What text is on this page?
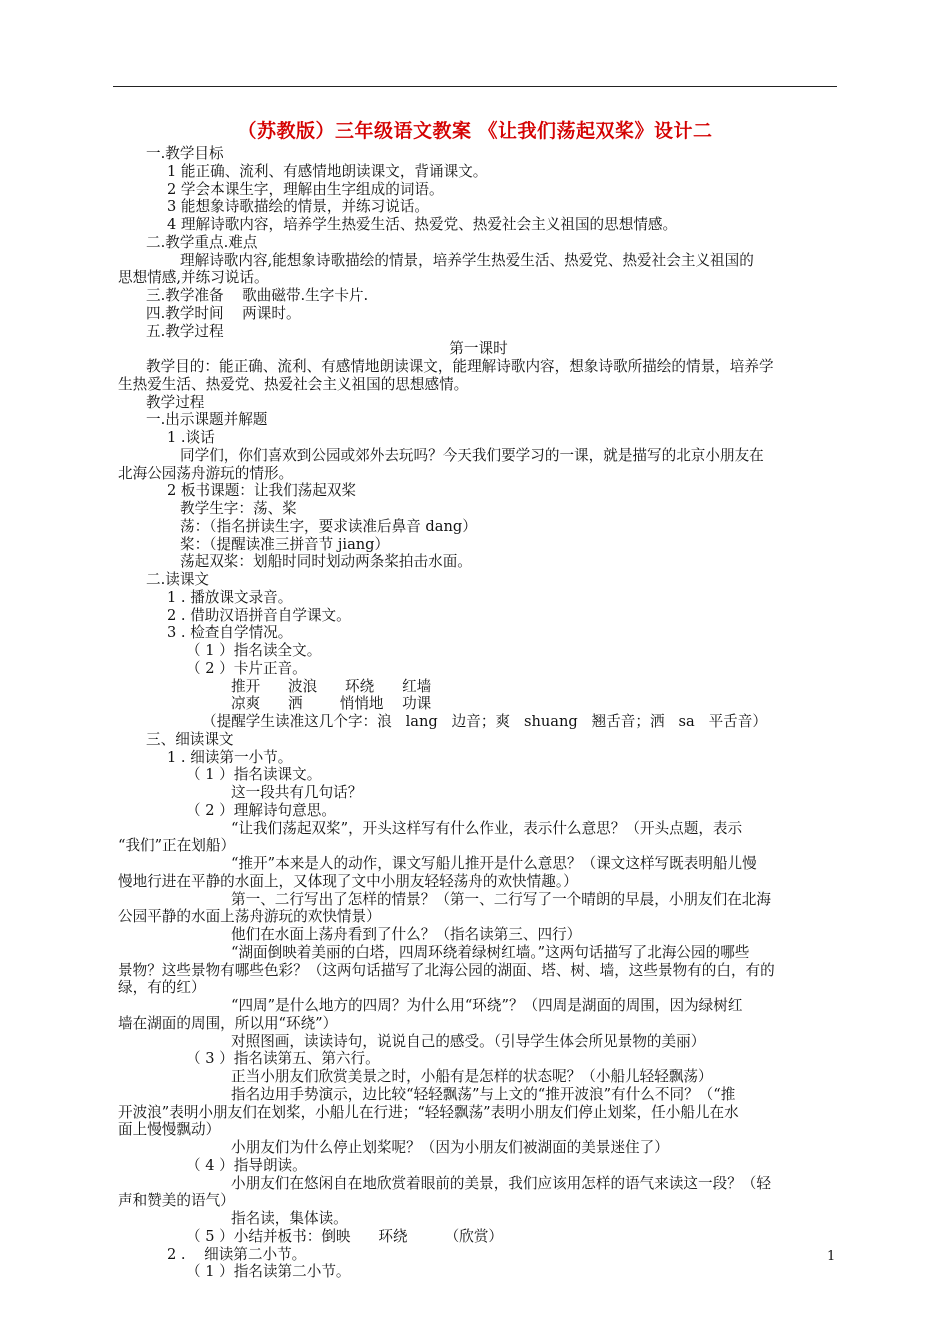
（苏教版）三年级语文教案 《让我们荡起双桨》设计二
一.教学目标
1 能正确、流利、有感情地朗读课文，背诵课文。
2 学会本课生字，理解由生字组成的词语。
3 能想象诗歌描绘的情景，并练习说话。
4 理解诗歌内容，培养学生热爱生活、热爱党、热爱社会主义祖国的思想情感。
二.教学重点.难点
理解诗歌内容,能想象诗歌描绘的情景，培养学生热爱生活、热爱党、热爱社会主义祖国的
思想情感,并练习说话。
三.教学准备    歌曲磁带.生字卡片.
四.教学时间    两课时。
五.教学过程
第一课时
教学目的：能正确、流利、有感情地朗读课文，能理解诗歌内容，想象诗歌所描绘的情景，培养学
生热爱生活、热爱党、热爱社会主义祖国的思想感情。
教学过程
一.出示课题并解题
1 .谈话
同学们，你们喜欢到公园或郊外去玩吗？今天我们要学习的一课，就是描写的北京小朋友在
北海公园荡舟游玩的情形。
2 板书课题：让我们荡起双桨
教学生字：荡、桨
荡：（指名拼读生字，要求读准后鼻音 dang）
桨：（提醒读准三拼音节 jiang）
荡起双桨：划船时同时划动两条桨拍击水面。
二.读课文
1 . 播放课文录音。
2 . 借助汉语拼音自学课文。
3 . 检查自学情况。
（ 1 ）指名读全文。
（ 2 ）卡片正音。
推开      波浪      环绕      红墙
凉爽      洒        悄悄地    功课
（提醒学生读准这几个字：浪   lang   边音；爽   shuang   翘舌音；洒   sa   平舌音）
三、细读课文
1 . 细读第一小节。
（ 1 ）指名读课文。
这一段共有几句话？
（ 2 ）理解诗句意思。
“让我们荡起双桨”，开头这样写有什么作业，表示什么意思？（开头点题，表示
“我们”正在划船）
“推开”本来是人的动作，课文写船儿推开是什么意思？（课文这样写既表明船儿慢
慢地行进在平静的水面上，又体现了文中小朋友轻轻荡舟的欢快情趣。）
第一、二行写出了怎样的情景？（第一、二行写了一个晴朗的早晨，小朋友们在北海
公园平静的水面上荡舟游玩的欢快情景）
他们在水面上荡舟看到了什么？（指名读第三、四行）
“湖面倒映着美丽的白塔，四周环绕着绿树红墙。”这两句话描写了北海公园的哪些
景物？这些景物有哪些色彩？（这两句话描写了北海公园的湖面、塔、树、墙，这些景物有的白，有的
绿，有的红）
“四周”是什么地方的四周？为什么用“环绕”？（四周是湖面的周围，因为绿树红
墙在湖面的周围，所以用“环绕”）
对照图画，读读诗句，说说自己的感受。（引导学生体会所见景物的美丽）
（ 3 ）指名读第五、第六行。
正当小朋友们欣赏美景之时，小船有是怎样的状态呢？（小船儿轻轻飘荡）
指名边用手势演示，边比较“轻轻飘荡”与上文的“推开波浪”有什么不同？（“推
开波浪”表明小朋友们在划桨，小船儿在行进；“轻轻飘荡”表明小朋友们停止划桨，任小船儿在水
面上慢慢飘动）
小朋友们为什么停止划桨呢？（因为小朋友们被湖面的美景迷住了）
（ 4 ）指导朗读。
小朋友们在悠闲自在地欣赏着眼前的美景，我们应该用怎样的语气来读这一段？（轻
声和赞美的语气）
指名读，集体读。
（ 5 ）小结并板书：倒映      环绕        （欣赏）
2 .    细读第二小节。
（ 1 ）指名读第二小节。
1
